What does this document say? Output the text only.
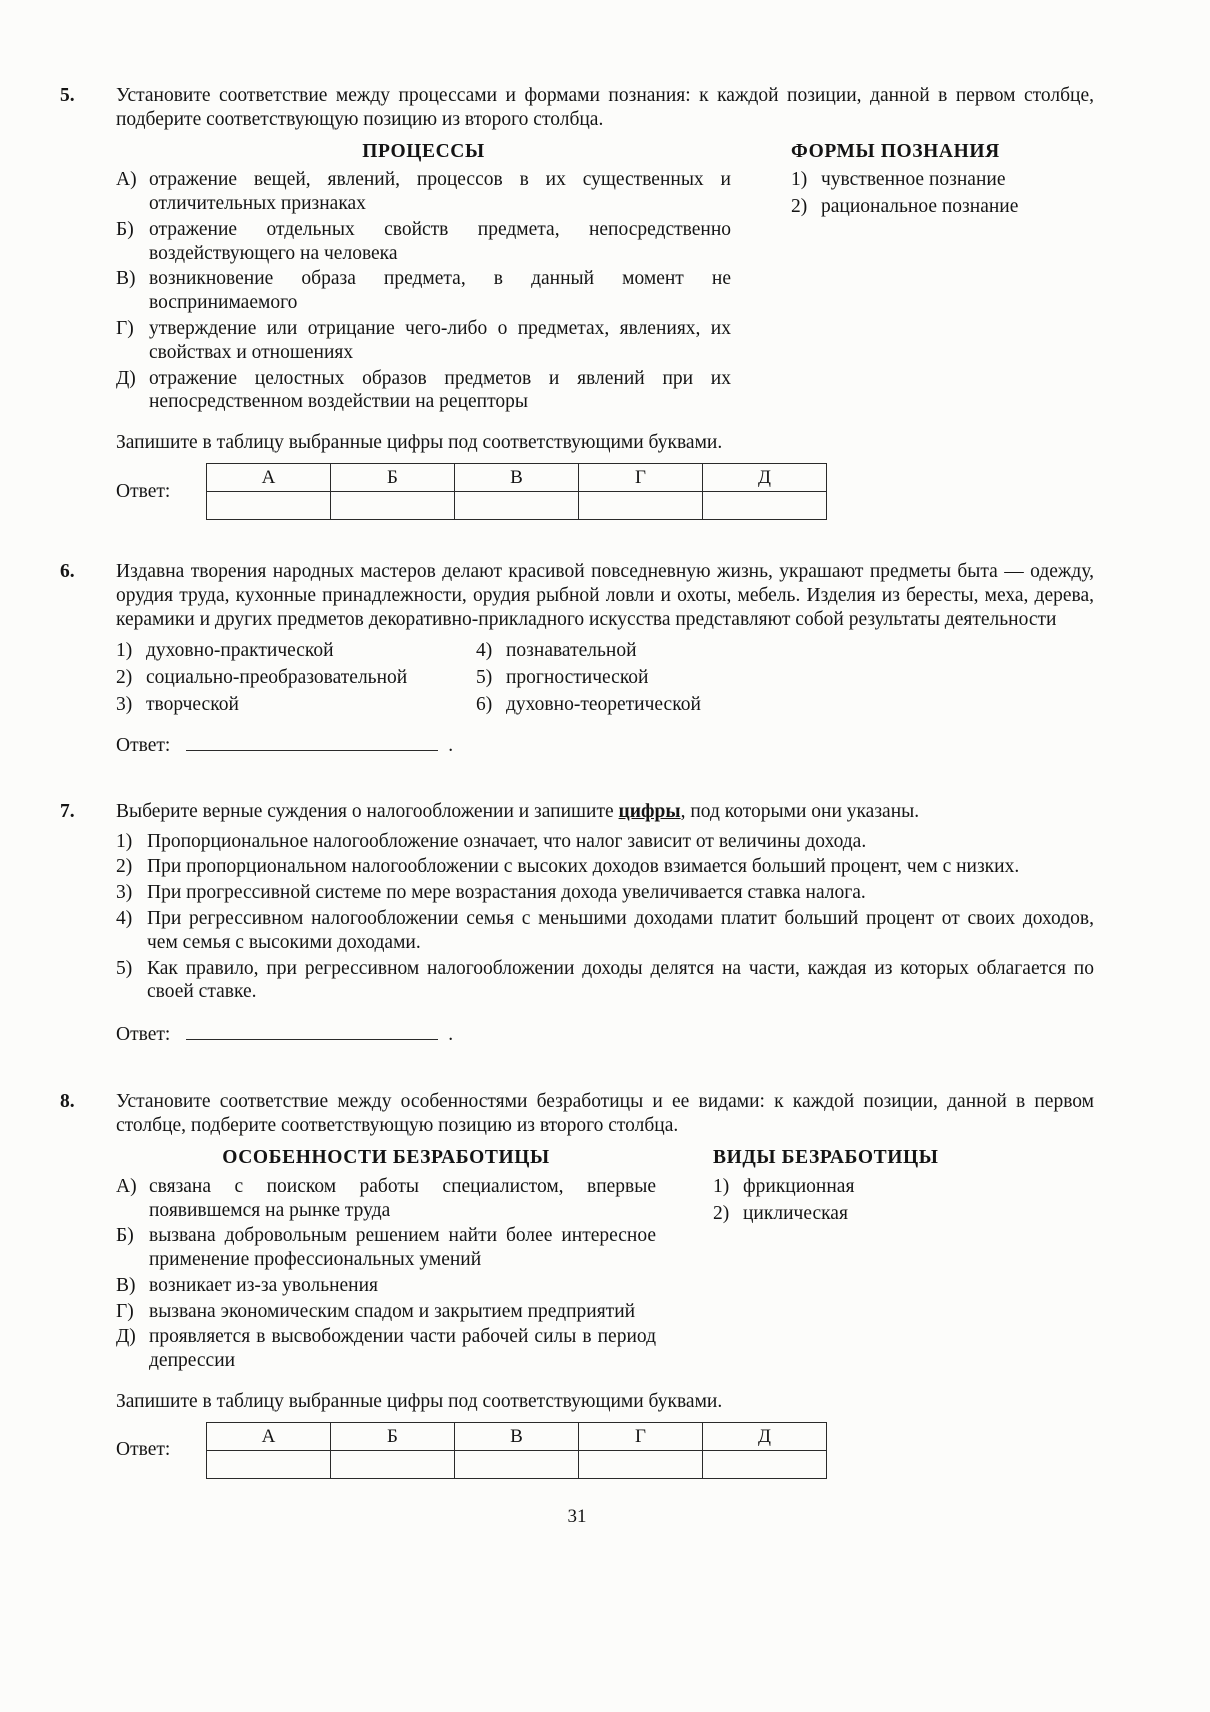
5.	Установите соответствие между процессами и формами познания: к каждой позиции, данной в первом столбце, подберите соответствующую позицию из второго столбца.
ПРОЦЕССЫ
А) отражение вещей, явлений, процессов в их существенных и отличительных признаках
Б) отражение отдельных свойств предмета, непосредственно воздействующего на человека
В) возникновение образа предмета, в данный момент не воспринимаемого
Г) утверждение или отрицание чего-либо о предметах, явлениях, их свойствах и отношениях
Д) отражение целостных образов предметов и явлений при их непосредственном воздействии на рецепторы
ФОРМЫ ПОЗНАНИЯ
1) чувственное познание
2) рациональное познание
Запишите в таблицу выбранные цифры под соответствующими буквами.
Ответ:
А	Б	В	Г	Д

6.	Издавна творения народных мастеров делают красивой повседневную жизнь, украшают предметы быта — одежду, орудия труда, кухонные принадлежности, орудия рыбной ловли и охоты, мебель. Изделия из бересты, меха, дерева, керамики и других предметов декоративно-прикладного искусства представляют собой результаты деятельности
1) духовно-практической
2) социально-преобразовательной
3) творческой
4) познавательной
5) прогностической
6) духовно-теоретической
Ответ:	.
7.	Выберите верные суждения о налогообложении и запишите цифры, под которыми они указаны.
1) Пропорциональное налогообложение означает, что налог зависит от величины дохода.
2) При пропорциональном налогообложении с высоких доходов взимается больший процент, чем с низких.
3) При прогрессивной системе по мере возрастания дохода увеличивается ставка налога.
4) При регрессивном налогообложении семья с меньшими доходами платит больший процент от своих доходов, чем семья с высокими доходами.
5) Как правило, при регрессивном налогообложении доходы делятся на части, каждая из которых облагается по своей ставке.
Ответ:	.
8.	Установите соответствие между особенностями безработицы и ее видами: к каждой позиции, данной в первом столбце, подберите соответствующую позицию из второго столбца.
ОСОБЕННОСТИ БЕЗРАБОТИЦЫ
А) связана с поиском работы специалистом, впервые появившемся на рынке труда
Б) вызвана добровольным решением найти более интересное применение профессиональных умений
В) возникает из-за увольнения
Г) вызвана экономическим спадом и закрытием предприятий
Д) проявляется в высвобождении части рабочей силы в период депрессии
ВИДЫ БЕЗРАБОТИЦЫ
1) фрикционная
2) циклическая
Запишите в таблицу выбранные цифры под соответствующими буквами.
Ответ:
А	Б	В	Г	Д

31
